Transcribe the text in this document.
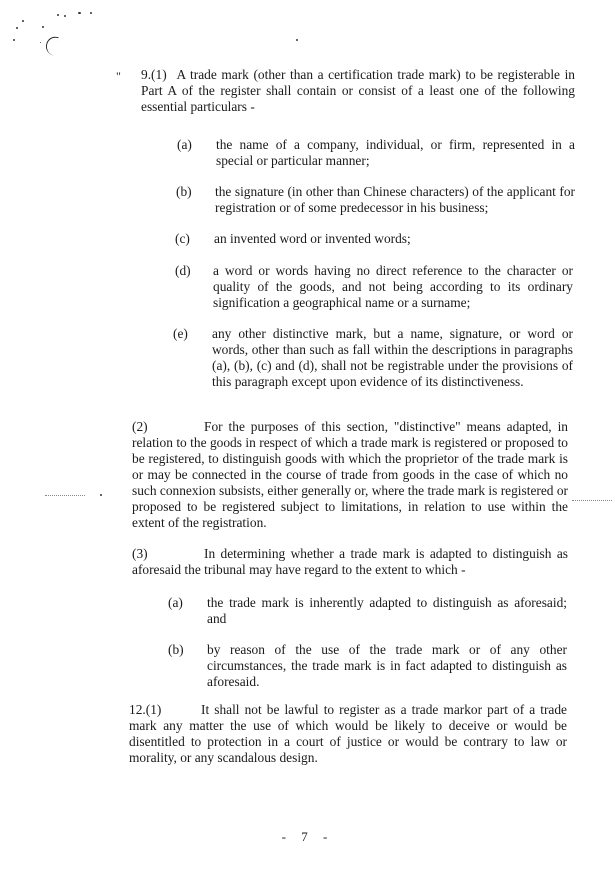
" 9.(1) A trade mark (other than a certification trade mark) to be registerable in Part A of the register shall contain or consist of a least one of the following essential particulars -
(a)	the name of a company, individual, or firm, represented in a special or particular manner;
(b)	the signature (in other than Chinese characters) of the applicant for registration or of some predecessor in his business;
(c)	an invented word or invented words;
(d)	a word or words having no direct reference to the character or quality of the goods, and not being according to its ordinary signification a geographical name or a surname;
(e)	any other distinctive mark, but a name, signature, or word or words, other than such as fall within the descriptions in paragraphs (a), (b), (c) and (d), shall not be registrable under the provisions of this paragraph except upon evidence of its distinctiveness.
(2)	For the purposes of this section, "distinctive" means adapted, in relation to the goods in respect of which a trade mark is registered or proposed to be registered, to distinguish goods with which the proprietor of the trade mark is or may be connected in the course of trade from goods in the case of which no such connexion subsists, either generally or, where the trade mark is registered or proposed to be registered subject to limitations, in relation to use within the extent of the registration.
(3)	In determining whether a trade mark is adapted to distinguish as aforesaid the tribunal may have regard to the extent to which -
(a)	the trade mark is inherently adapted to distinguish as aforesaid; and
(b)	by reason of the use of the trade mark or of any other circumstances, the trade mark is in fact adapted to distinguish as aforesaid.
12.(1)	It shall not be lawful to register as a trade markor part of a trade mark any matter the use of which would be likely to deceive or would be disentitled to protection in a court of justice or would be contrary to law or morality, or any scandalous design.
- 7 -
